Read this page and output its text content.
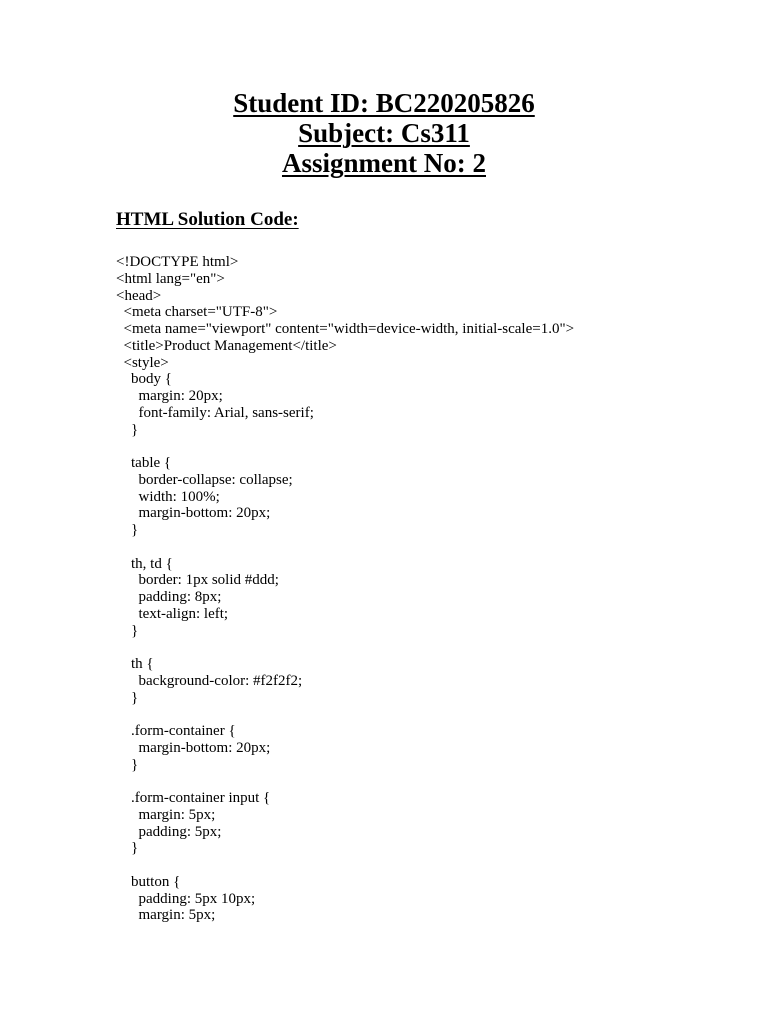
Student ID: BC220205826
Subject: Cs311
Assignment No: 2
HTML Solution Code:
<!DOCTYPE html>
<html lang="en">
<head>
<meta charset="UTF-8">
<meta name="viewport" content="width=device-width, initial-scale=1.0">
<title>Product Management</title>
<style>
body {
margin: 20px;
font-family: Arial, sans-serif;
}
table {
border-collapse: collapse;
width: 100%;
margin-bottom: 20px;
}
th, td {
border: 1px solid #ddd;
padding: 8px;
text-align: left;
}
th {
background-color: #f2f2f2;
}
.form-container {
margin-bottom: 20px;
}
.form-container input {
margin: 5px;
padding: 5px;
}
button {
padding: 5px 10px;
margin: 5px;
